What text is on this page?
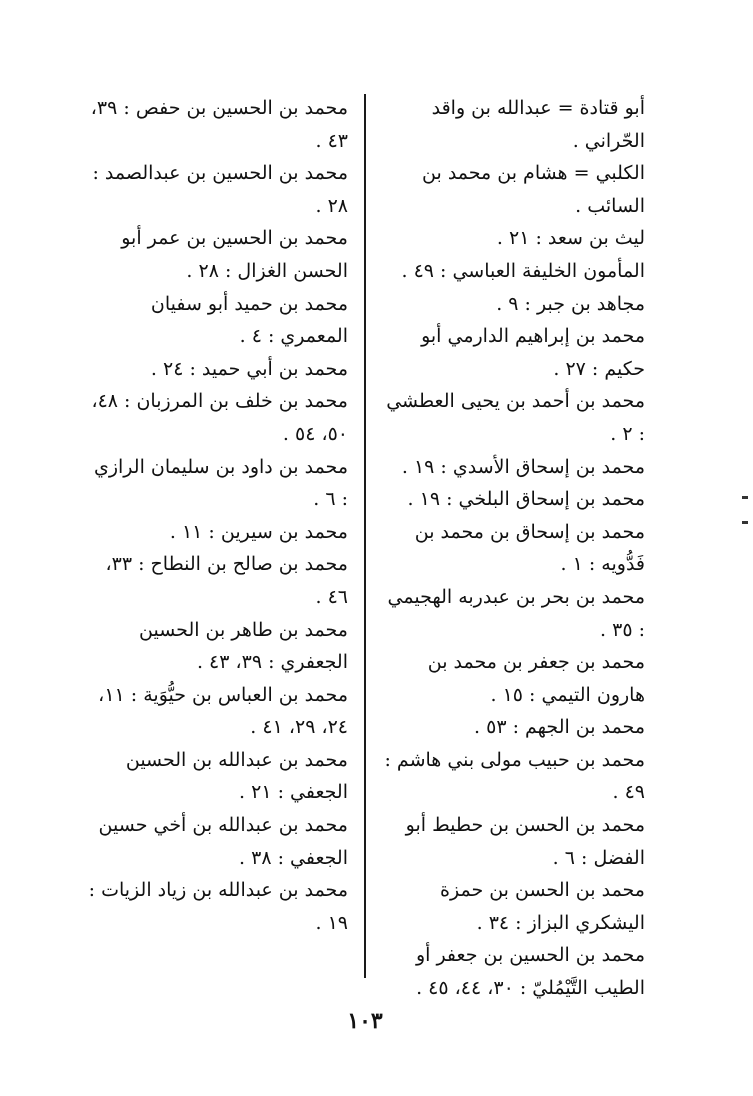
أبو قتادة = عبدالله بن واقد الحّراني .

الكلبي = هشام بن محمد بن السائب .

ليث بن سعد : ٢١ .

المأمون الخليفة العباسي : ٤٩ .

مجاهد بن جبر : ٩ .

محمد بن إبراهيم الدارمي أبو حكيم : ٢٧ .

محمد بن أحمد بن يحيى العطشي : ٢ .

محمد بن إسحاق الأسدي : ١٩ .

محمد بن إسحاق البلخي : ١٩ .

محمد بن إسحاق بن محمد بن فَدُّويه : ١ .

محمد بن بحر بن عبدربه الهجيمي : ٣٥ .

محمد بن جعفر بن محمد بن هارون التيمي : ١٥ .

محمد بن الجهم : ٥٣ .

محمد بن حبيب مولى بني هاشم : ٤٩ .

محمد بن الحسن بن حطيط أبو الفضل : ٦ .

محمد بن الحسن بن حمزة اليشكري البزاز : ٣٤ .

محمد بن الحسين بن جعفر أو الطيب التَّيْمُليّ : ٣٠، ٤٤، ٤٥ .

محمد بن الحسين بن حفص : ٣٩، ٤٣ .

محمد بن الحسين بن عبدالصمد : ٢٨ .

محمد بن الحسين بن عمر أبو الحسن الغزال : ٢٨ .

محمد بن حميد أبو سفيان المعمري : ٤ .

محمد بن أبي حميد : ٢٤ .

محمد بن خلف بن المرزبان : ٤٨، ٥٠، ٥٤ .

محمد بن داود بن سليمان الرازي : ٦ .

محمد بن سيرين : ١١ .

محمد بن صالح بن النطاح : ٣٣، ٤٦ .

محمد بن طاهر بن الحسين الجعفري : ٣٩، ٤٣ .

محمد بن العباس بن حيُّوَية : ١١، ٢٤، ٢٩، ٤١ .

محمد بن عبدالله بن الحسين الجعفي : ٢١ .

محمد بن عبدالله بن أخي حسين الجعفي : ٣٨ .

محمد بن عبدالله بن زياد الزيات : ١٩ .

١٠٣
